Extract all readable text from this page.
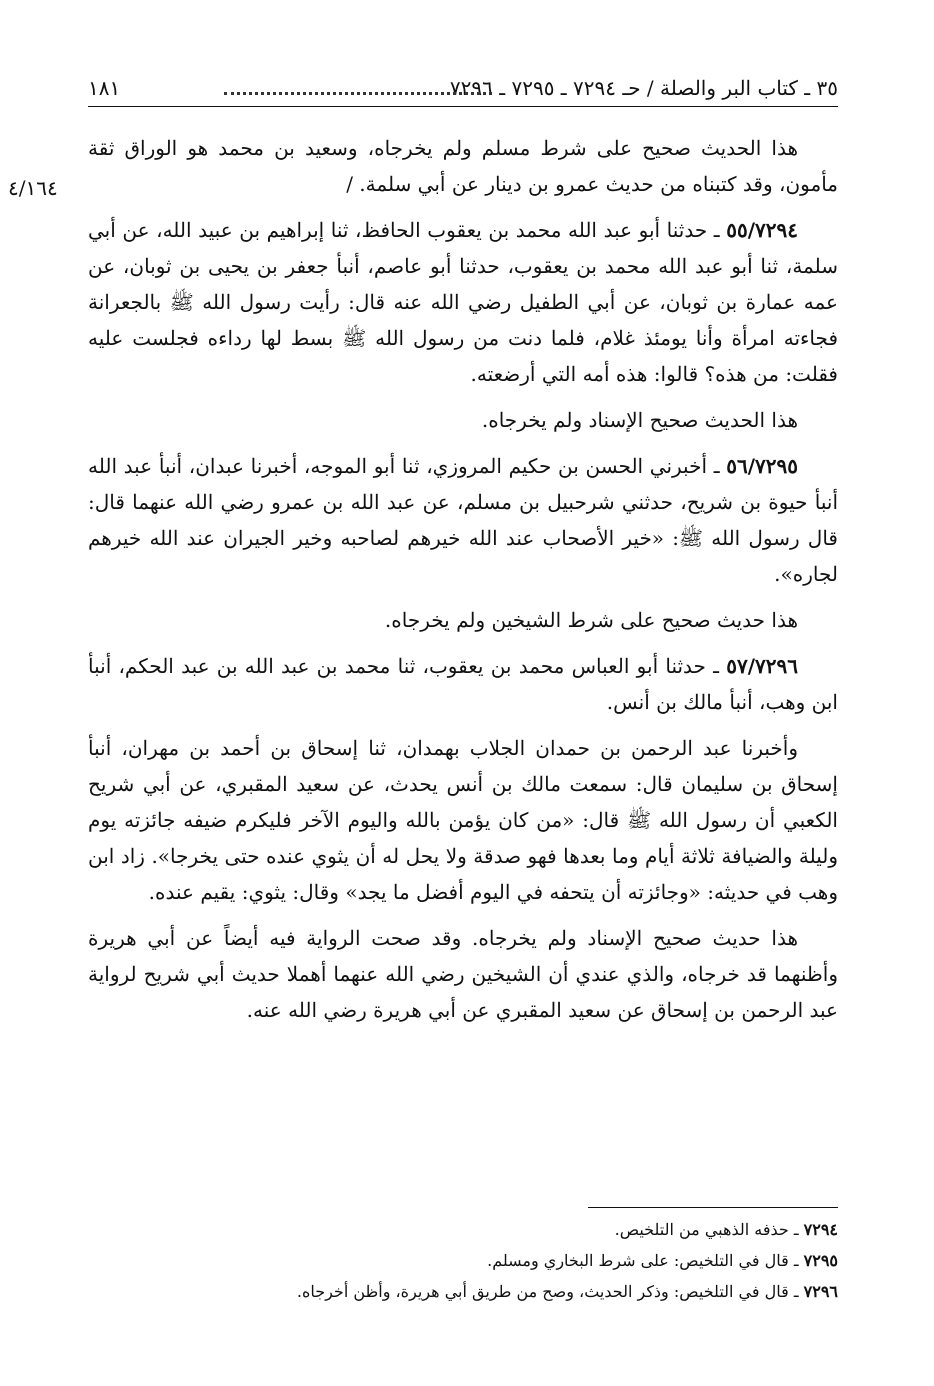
٣٥ ـ كتاب البر والصلة / حـ ٧٢٩٤ ـ ٧٢٩٥ ـ ٧٢٩٦
١٨١
٤/١٦٤

هذا الحديث صحيح على شرط مسلم ولم يخرجاه، وسعيد بن محمد هو الوراق ثقة مأمون، وقد كتبناه من حديث عمرو بن دينار عن أبي سلمة. /

٥٥/٧٢٩٤ ـ حدثنا أبو عبد الله محمد بن يعقوب الحافظ، ثنا إبراهيم بن عبيد الله، عن أبي سلمة، ثنا أبو عبد الله محمد بن يعقوب، حدثنا أبو عاصم، أنبأ جعفر بن يحيى بن ثوبان، عن عمه عمارة بن ثوبان، عن أبي الطفيل رضي الله عنه قال: رأيت رسول الله ﷺ بالجعرانة فجاءته امرأة وأنا يومئذ غلام، فلما دنت من رسول الله ﷺ بسط لها رداءه فجلست عليه فقلت: من هذه؟ قالوا: هذه أمه التي أرضعته.

هذا الحديث صحيح الإسناد ولم يخرجاه.

٥٦/٧٢٩٥ ـ أخبرني الحسن بن حكيم المروزي، ثنا أبو الموجه، أخبرنا عبدان، أنبأ عبد الله أنبأ حيوة بن شريح، حدثني شرحبيل بن مسلم، عن عبد الله بن عمرو رضي الله عنهما قال: قال رسول الله ﷺ: «خير الأصحاب عند الله خيرهم لصاحبه وخير الجيران عند الله خيرهم لجاره».

هذا حديث صحيح على شرط الشيخين ولم يخرجاه.

٥٧/٧٢٩٦ ـ حدثنا أبو العباس محمد بن يعقوب، ثنا محمد بن عبد الله بن عبد الحكم، أنبأ ابن وهب، أنبأ مالك بن أنس.

وأخبرنا عبد الرحمن بن حمدان الجلاب بهمدان، ثنا إسحاق بن أحمد بن مهران، أنبأ إسحاق بن سليمان قال: سمعت مالك بن أنس يحدث، عن سعيد المقبري، عن أبي شريح الكعبي أن رسول الله ﷺ قال: «من كان يؤمن بالله واليوم الآخر فليكرم ضيفه جائزته يوم وليلة والضيافة ثلاثة أيام وما بعدها فهو صدقة ولا يحل له أن يثوي عنده حتى يخرجا». زاد ابن وهب في حديثه: «وجائزته أن يتحفه في اليوم أفضل ما يجد» وقال: يثوي: يقيم عنده.

هذا حديث صحيح الإسناد ولم يخرجاه. وقد صحت الرواية فيه أيضاً عن أبي هريرة وأظنهما قد خرجاه، والذي عندي أن الشيخين رضي الله عنهما أهملا حديث أبي شريح لرواية عبد الرحمن بن إسحاق عن سعيد المقبري عن أبي هريرة رضي الله عنه.

٧٢٩٤ ـ حذفه الذهبي من التلخيص.
٧٢٩٥ ـ قال في التلخيص: على شرط البخاري ومسلم.
٧٢٩٦ ـ قال في التلخيص: وذكر الحديث، وصح من طريق أبي هريرة، وأظن أخرجاه.
